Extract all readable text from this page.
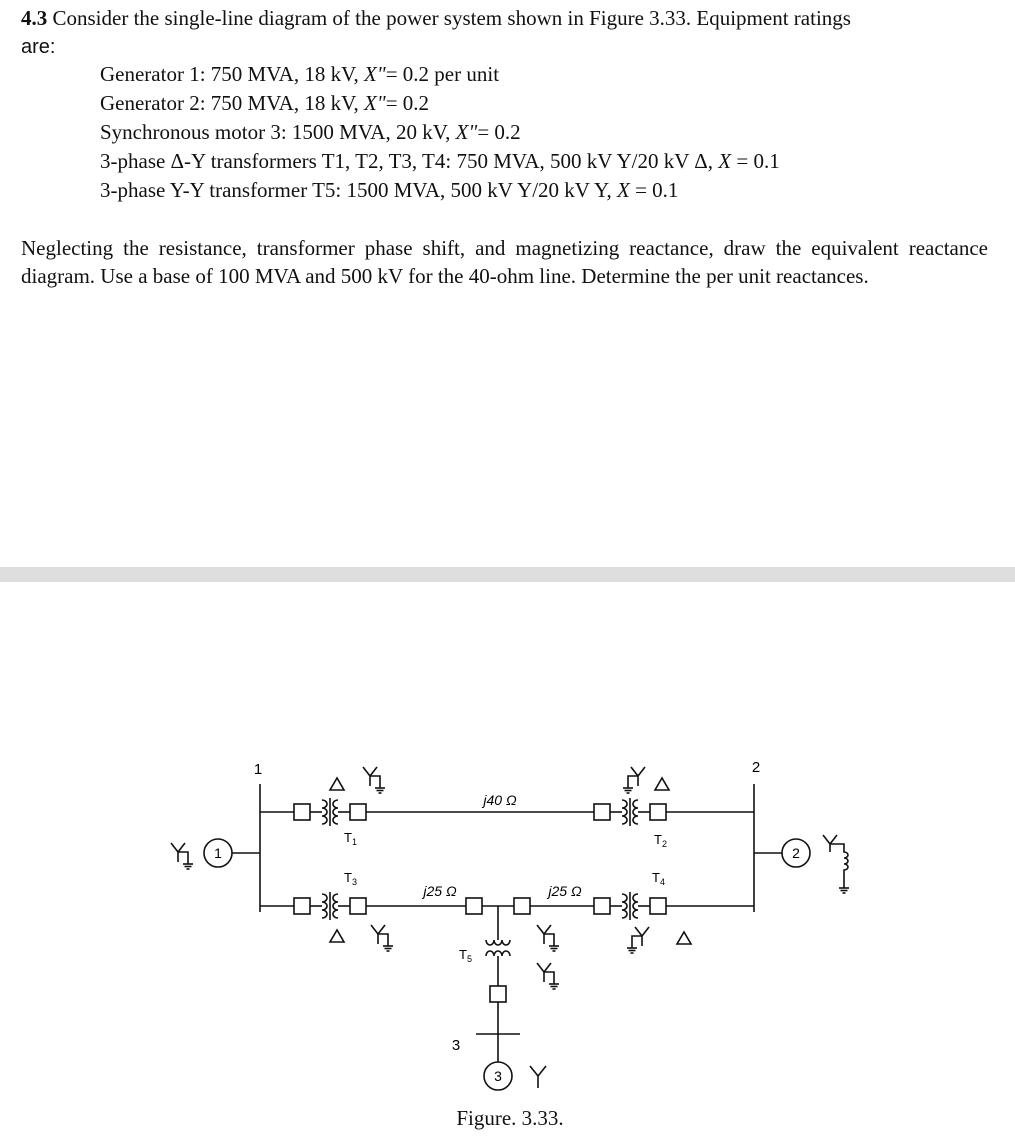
4.3 Consider the single-line diagram of the power system shown in Figure 3.33. Equipment ratings
are:
Generator 1: 750 MVA, 18 kV, X"= 0.2 per unit
Generator 2: 750 MVA, 18 kV, X"= 0.2
Synchronous motor 3: 1500 MVA, 20 kV, X"= 0.2
3-phase Δ-Y transformers T1, T2, T3, T4: 750 MVA, 500 kV Y/20 kV Δ, X = 0.1
3-phase Y-Y transformer T5: 1500 MVA, 500 kV Y/20 kV Y, X = 0.1
Neglecting the resistance, transformer phase shift, and magnetizing reactance, draw the equivalent reactance diagram. Use a base of 100 MVA and 500 kV for the 40-ohm line. Determine the per unit reactances.
1	2
3
1	2
3
$T_1$	$T_2$
$T_3$	$T_4$
$T_5$
j40 Ω
j25 Ω	j25 Ω
Figure. 3.33.
